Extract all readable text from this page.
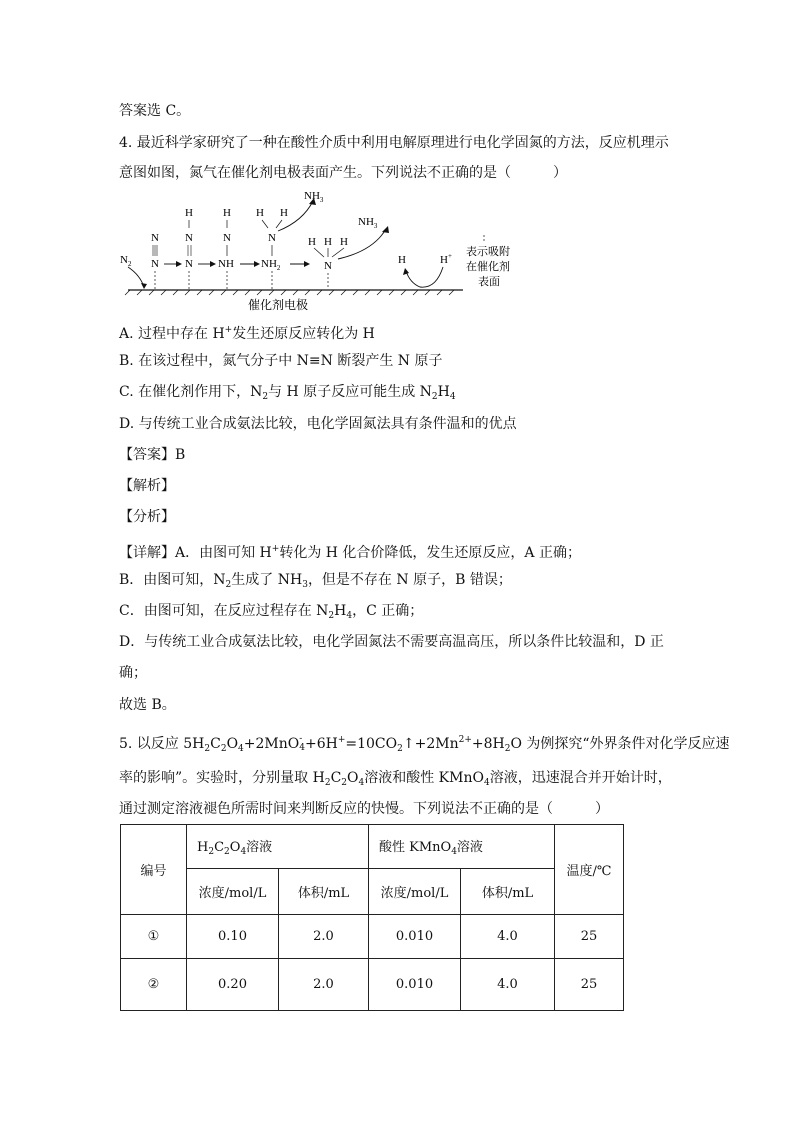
答案选 C。
4. 最近科学家研究了一种在酸性介质中利用电解原理进行电化学固氮的方法，反应机理示
意图如图，氮气在催化剂电极表面产生。下列说法不正确的是（　　　）
$N_2$
N
N
H
N
N
H
N
NH
H H
N
$NH_2$
$NH_3$
H H H
N
$NH_3$
H	H+ 表示吸附
在催化剂
表面
催化剂电极
A. 过程中存在 H+发生还原反应转化为 H
B. 在该过程中，氮气分子中 N≡N 断裂产生 N 原子
C. 在催化剂作用下，$N_2$与 H 原子反应可能生成 $N_2H_4$
D. 与传统工业合成氨法比较，电化学固氮法具有条件温和的优点
【答案】B
【解析】
【分析】
【详解】A．由图可知 H+转化为 H 化合价降低，发生还原反应，A 正确；
B．由图可知，$N_2$生成了 $NH_3$，但是不存在 N 原子，B 错误；
C．由图可知，在反应过程存在 $N_2H_4$，C 正确；
D．与传统工业合成氨法比较，电化学固氮法不需要高温高压，所以条件比较温和，D 正
确；
故选 B。
5. 以反应 $5H_2C_2O_4+2MnO-$
$4+6H^+=10CO_2↑+2Mn^{2+}+8H_2O$ 为例探究“外界条件对化学反应速
率的影响”。实验时，分别量取 $H_2C_2O_4$溶液和酸性 KMnO$_4$溶液，迅速混合并开始计时，
通过测定溶液褪色所需时间来判断反应的快慢。下列说法不正确的是（　　　）
编号	$H_2C_2O_4$溶液		酸性 KMnO$_4$溶液		温度/℃
	浓度/mol/L	体积/mL	浓度/mol/L	体积/mL	
①	0.10	2.0	0.010	4.0	25
②	0.20	2.0	0.010	4.0	25
